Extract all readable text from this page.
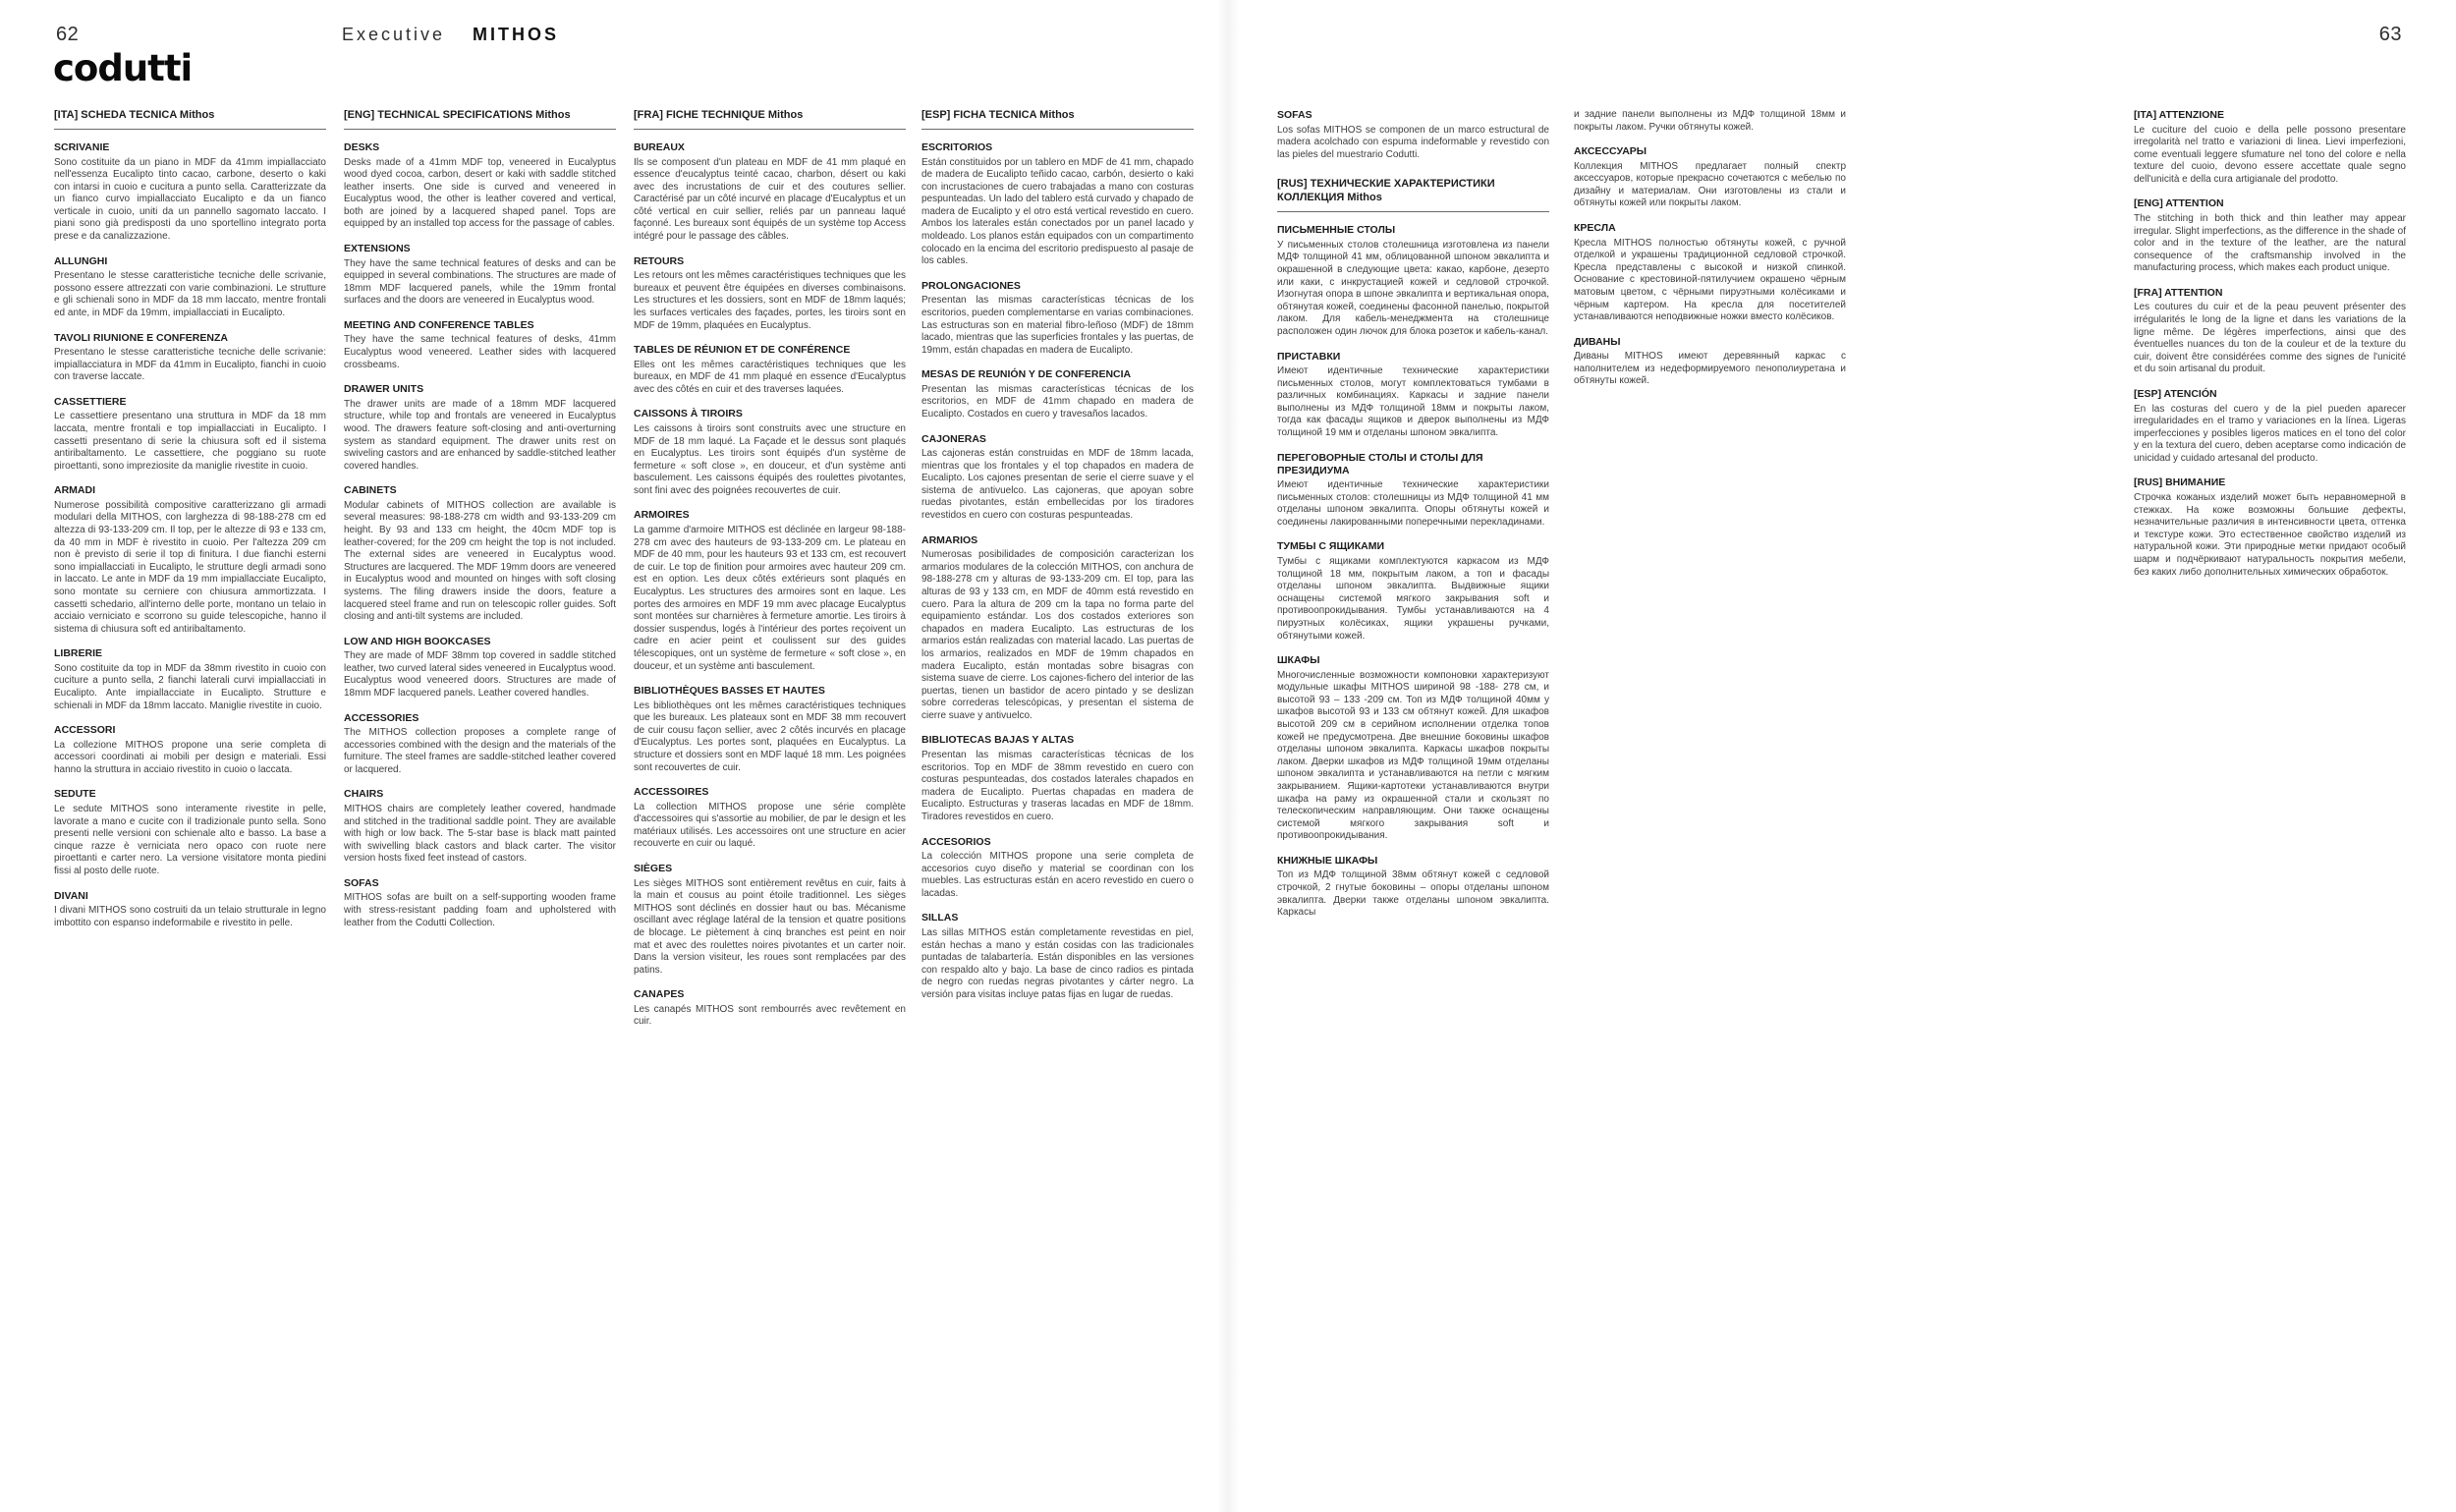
62	Executive MITHOS	63
codutti
[ITA] SCHEDA TECNICA Mithos
SCRIVANIE

Sono costituite da un piano in MDF da 41mm impiallacciato nell'essenza Eucalipto tinto cacao, carbone, deserto o kaki con intarsi in cuoio e cucitura a punto sella. Caratterizzate da un fianco curvo impiallacciato Eucalipto e da un fianco verticale in cuoio, uniti da un pannello sagomato laccato. I piani sono già predisposti da uno sportellino integrato porta prese e da canalizzazione.

ALLUNGHI

Presentano le stesse caratteristiche tecniche delle scrivanie, possono essere attrezzati con varie combinazioni. Le strutture e gli schienali sono in MDF da 18 mm laccato, mentre frontali ed ante, in MDF da 19mm, impiallacciati in Eucalipto.

TAVOLI RIUNIONE E CONFERENZA

Presentano le stesse caratteristiche tecniche delle scrivanie: impiallacciatura in MDF da 41mm in Eucalipto, fianchi in cuoio con traverse laccate.

CASSETTIERE

Le cassettiere presentano una struttura in MDF da 18 mm laccata, mentre frontali e top impiallacciati in Eucalipto. I cassetti presentano di serie la chiusura soft ed il sistema antiribaltamento. Le cassettiere, che poggiano su ruote piroettanti, sono impreziosite da maniglie rivestite in cuoio.

ARMADI

Numerose possibilità compositive caratterizzano gli armadi modulari della MITHOS, con larghezza di 98-188-278 cm ed altezza di 93-133-209 cm. Il top, per le altezze di 93 e 133 cm, da 40 mm in MDF è rivestito in cuoio. Per l'altezza 209 cm non è previsto di serie il top di finitura. I due fianchi esterni sono impiallacciati in Eucalipto, le strutture degli armadi sono in laccato. Le ante in MDF da 19 mm impiallacciate Eucalipto, sono montate su cerniere con chiusura ammortizzata. I cassetti schedario, all'interno delle porte, montano un telaio in acciaio verniciato e scorrono su guide telescopiche, hanno il sistema di chiusura soft ed antiribaltamento.

LIBRERIE

Sono costituite da top in MDF da 38mm rivestito in cuoio con cuciture a punto sella, 2 fianchi laterali curvi impiallacciati in Eucalipto. Ante impiallacciate in Eucalipto. Strutture e schienali in MDF da 18mm laccato. Maniglie rivestite in cuoio.

ACCESSORI

La collezione MITHOS propone una serie completa di accessori coordinati ai mobili per design e materiali. Essi hanno la struttura in acciaio rivestito in cuoio o laccata.

SEDUTE

Le sedute MITHOS sono interamente rivestite in pelle, lavorate a mano e cucite con il tradizionale punto sella. Sono presenti nelle versioni con schienale alto e basso. La base a cinque razze è verniciata nero opaco con ruote nere piroettanti e carter nero. La versione visitatore monta piedini fissi al posto delle ruote.

DIVANI

I divani MITHOS sono costruiti da un telaio strutturale in legno imbottito con espanso indeformabile e rivestito in pelle.

[ENG] TECHNICAL SPECIFICATIONS Mithos
DESKS

Desks made of a 41mm MDF top, veneered in Eucalyptus wood dyed cocoa, carbon, desert or kaki with saddle stitched leather inserts. One side is curved and veneered in Eucalyptus wood, the other is leather covered and vertical, both are joined by a lacquered shaped panel. Tops are equipped by an installed top access for the passage of cables.

EXTENSIONS

They have the same technical features of desks and can be equipped in several combinations. The structures are made of 18mm MDF lacquered panels, while the 19mm frontal surfaces and the doors are veneered in Eucalyptus wood.

MEETING AND CONFERENCE TABLES

They have the same technical features of desks, 41mm Eucalyptus wood veneered. Leather sides with lacquered crossbeams.

DRAWER UNITS

The drawer units are made of a 18mm MDF lacquered structure, while top and frontals are veneered in Eucalyptus wood. The drawers feature soft-closing and anti-overturning system as standard equipment. The drawer units rest on swiveling castors and are enhanced by saddle-stitched leather covered handles.

CABINETS

Modular cabinets of MITHOS collection are available is several measures: 98-188-278 cm width and 93-133-209 cm height. By 93 and 133 cm height, the 40cm MDF top is leather-covered; for the 209 cm height the top is not included. The external sides are veneered in Eucalyptus wood. Structures are lacquered. The MDF 19mm doors are veneered in Eucalyptus wood and mounted on hinges with soft closing systems. The filing drawers inside the doors, feature a lacquered steel frame and run on telescopic roller guides. Soft closing and anti-tilt systems are included.

LOW AND HIGH BOOKCASES

They are made of MDF 38mm top covered in saddle stitched leather, two curved lateral sides veneered in Eucalyptus wood. Eucalyptus wood veneered doors. Structures are made of 18mm MDF lacquered panels. Leather covered handles.

ACCESSORIES

The MITHOS collection proposes a complete range of accessories combined with the design and the materials of the furniture. The steel frames are saddle-stitched leather covered or lacquered.

CHAIRS

MITHOS chairs are completely leather covered, handmade and stitched in the traditional saddle point. They are available with high or low back. The 5-star base is black matt painted with swivelling black castors and black carter. The visitor version hosts fixed feet instead of castors.

SOFAS

MITHOS sofas are built on a self-supporting wooden frame with stress-resistant padding foam and upholstered with leather from the Codutti Collection.

[FRA] FICHE TECHNIQUE Mithos
BUREAUX

Ils se composent d'un plateau en MDF de 41 mm plaqué en essence d'eucalyptus teinté cacao, charbon, désert ou kaki avec des incrustations de cuir et des coutures sellier. Caractérisé par un côté incurvé en placage d'Eucalyptus et un côté vertical en cuir sellier, reliés par un panneau laqué façonné. Les bureaux sont équipés de un système top Access intégré pour le passage des câbles.

RETOURS

Les retours ont les mêmes caractéristiques techniques que les bureaux et peuvent être équipées en diverses combinaisons. Les structures et les dossiers, sont en MDF de 18mm laqués; les surfaces verticales des façades, portes, les tiroirs sont en MDF de 19mm, plaquées en Eucalyptus.

TABLES DE RÉUNION ET DE CONFÉRENCE

Elles ont les mêmes caractéristiques techniques que les bureaux, en MDF de 41 mm plaqué en essence d'Eucalyptus avec des côtés en cuir et des traverses laquées.

CAISSONS À TIROIRS

Les caissons à tiroirs sont construits avec une structure en MDF de 18 mm laqué. La Façade et le dessus sont plaqués en Eucalyptus. Les tiroirs sont équipés d'un système de fermeture « soft close », en douceur, et d'un système anti basculement. Les caissons équipés des roulettes pivotantes, sont fini avec des poignées recouvertes de cuir.

ARMOIRES

La gamme d'armoire MITHOS est déclinée en largeur 98-188-278 cm avec des hauteurs de 93-133-209 cm. Le plateau en MDF de 40 mm, pour les hauteurs 93 et 133 cm, est recouvert de cuir. Le top de finition pour armoires avec hauteur 209 cm. est en option. Les deux côtés extérieurs sont plaqués en Eucalyptus. Les structures des armoires sont en laque. Les portes des armoires en MDF 19 mm avec placage Eucalyptus sont montées sur charnières à fermeture amortie. Les tiroirs à dossier suspendus, logés à l'intérieur des portes reçoivent un cadre en acier peint et coulissent sur des guides télescopiques, ont un système de fermeture « soft close », en douceur, et un système anti basculement.

BIBLIOTHÈQUES BASSES ET HAUTES

Les bibliothèques ont les mêmes caractéristiques techniques que les bureaux. Les plateaux sont en MDF 38 mm recouvert de cuir cousu façon sellier, avec 2 côtés incurvés en placage d'Eucalyptus. Les portes sont, plaquées en Eucalyptus. La structure et dossiers sont en MDF laqué 18 mm. Les poignées sont recouvertes de cuir.

ACCESSOIRES

La collection MITHOS propose une série complète d'accessoires qui s'assortie au mobilier, de par le design et les matériaux utilisés. Les accessoires ont une structure en acier recouverte en cuir ou laqué.

SIÈGES

Les sièges MITHOS sont entièrement revêtus en cuir, faits à la main et cousus au point étoile traditionnel. Les sièges MITHOS sont déclinés en dossier haut ou bas. Mécanisme oscillant avec réglage latéral de la tension et quatre positions de blocage. Le piètement à cinq branches est peint en noir mat et avec des roulettes noires pivotantes et un carter noir. Dans la version visiteur, les roues sont remplacées par des patins.

CANAPES

Les canapés MITHOS sont rembourrés avec revêtement en cuir.

[ESP] FICHA TECNICA Mithos
ESCRITORIOS

Están constituidos por un tablero en MDF de 41 mm, chapado de madera de Eucalipto teñido cacao, carbón, desierto o kaki con incrustaciones de cuero trabajadas a mano con costuras pespunteadas. Un lado del tablero está curvado y chapado de madera de Eucalipto y el otro está vertical revestido en cuero. Ambos los laterales están conectados por un panel lacado y moldeado. Los planos están equipados con un compartimento colocado en la encima del escritorio predispuesto al pasaje de los cables.

PROLONGACIONES

Presentan las mismas características técnicas de los escritorios, pueden complementarse en varias combinaciones. Las estructuras son en material fibro-leñoso (MDF) de 18mm lacado, mientras que las superficies frontales y las puertas, de 19mm, están chapadas en madera de Eucalipto.

MESAS DE REUNIÓN Y DE CONFERENCIA

Presentan las mismas características técnicas de los escritorios, en MDF de 41mm chapado en madera de Eucalipto. Costados en cuero y travesaños lacados.

CAJONERAS

Las cajoneras están construidas en MDF de 18mm lacada, mientras que los frontales y el top chapados en madera de Eucalipto. Los cajones presentan de serie el cierre suave y el sistema de antivuelco. Las cajoneras, que apoyan sobre ruedas pivotantes, están embellecidas por los tiradores revestidos en cuero con costuras pespunteadas.

ARMARIOS

Numerosas posibilidades de composición caracterizan los armarios modulares de la colección MITHOS, con anchura de 98-188-278 cm y alturas de 93-133-209 cm. El top, para las alturas de 93 y 133 cm, en MDF de 40mm está revestido en cuero. Para la altura de 209 cm la tapa no forma parte del equipamiento estándar. Los dos costados exteriores son chapados en madera Eucalipto. Las estructuras de los armarios están realizadas con material lacado. Las puertas de los armarios, realizados en MDF de 19mm chapados en madera Eucalipto, están montadas sobre bisagras con sistema suave de cierre. Los cajones-fichero del interior de las puertas, tienen un bastidor de acero pintado y se deslizan sobre correderas telescópicas, y presentan el sistema de cierre suave y antivuelco.

BIBLIOTECAS BAJAS Y ALTAS

Presentan las mismas características técnicas de los escritorios. Top en MDF de 38mm revestido en cuero con costuras pespunteadas, dos costados laterales chapados en madera de Eucalipto. Puertas chapadas en madera de Eucalipto. Estructuras y traseras lacadas en MDF de 18mm. Tiradores revestidos en cuero.

ACCESORIOS

La colección MITHOS propone una serie completa de accesorios cuyo diseño y material se coordinan con los muebles. Las estructuras están en acero revestido en cuero o lacadas.

SILLAS

Las sillas MITHOS están completamente revestidas en piel, están hechas a mano y están cosidas con las tradicionales puntadas de talabartería. Están disponibles en las versiones con respaldo alto y bajo. La base de cinco radios es pintada de negro con ruedas negras pivotantes y cárter negro. La versión para visitas incluye patas fijas en lugar de ruedas.

SOFAS

Los sofas MITHOS se componen de un marco estructural de madera acolchado con espuma indeformable y revestido con las pieles del muestrario Codutti.

[RUS] ТЕХНИЧЕСКИЕ ХАРАКТЕРИСТИКИ КОЛЛЕКЦИЯ Mithos
ПИСЬМЕННЫЕ СТОЛЫ

У письменных столов столешница изготовлена из панели МДФ толщиной 41 мм, облицованной шпоном эвкалипта и окрашенной в следующие цвета: какао, карбоне, дезерто или каки, с инкрустацией кожей и седловой строчкой. Изогнутая опора в шпоне эвкалипта и вертикальная опора, обтянутая кожей, соединены фасонной панелью, покрытой лаком. Для кабель-менеджмента на столешнице расположен один лючок для блока розеток и кабель-канал.

ПРИСТАВКИ

Имеют идентичные технические характеристики письменных столов, могут комплектоваться тумбами в различных комбинациях. Каркасы и задние панели выполнены из МДФ толщиной 18мм и покрыты лаком, тогда как фасады ящиков и дверок выполнены из МДФ толщиной 19 мм и отделаны шпоном эвкалипта.

ПЕРЕГОВОРНЫЕ СТОЛЫ И СТОЛЫ ДЛЯ ПРЕЗИДИУМА

Имеют идентичные технические характеристики письменных столов: столешницы из МДФ толщиной 41 мм отделаны шпоном эвкалипта. Опоры обтянуты кожей и соединены лакированными поперечными перекладинами.

ТУМБЫ С ЯЩИКАМИ

Тумбы с ящиками комплектуются каркасом из МДФ толщиной 18 мм, покрытым лаком, а топ и фасады отделаны шпоном эвкалипта. Выдвижные ящики оснащены системой мягкого закрывания soft и противоопрокидывания. Тумбы устанавливаются на 4 пируэтных колёсиках, ящики украшены ручками, обтянутыми кожей.

ШКАФЫ

Многочисленные возможности компоновки характеризуют модульные шкафы MITHOS шириной 98 -188- 278 см, и высотой 93 – 133 -209 см. Топ из МДФ толщиной 40мм у шкафов высотой 93 и 133 см обтянут кожей. Для шкафов высотой 209 см в серийном исполнении отделка топов кожей не предусмотрена. Две внешние боковины шкафов отделаны шпоном эвкалипта. Каркасы шкафов покрыты лаком. Дверки шкафов из МДФ толщиной 19мм отделаны шпоном эвкалипта и устанавливаются на петли с мягким закрыванием. Ящики-картотеки устанавливаются внутри шкафа на раму из окрашенной стали и скользят по телескопическим направляющим. Они также оснащены системой мягкого закрывания soft и противоопрокидывания.

КНИЖНЫЕ ШКАФЫ

Топ из МДФ толщиной 38мм обтянут кожей с седловой строчкой, 2 гнутые боковины – опоры отделаны шпоном эвкалипта. Дверки также отделаны шпоном эвкалипта. Каркасы

и задние панели выполнены из МДФ толщиной 18мм и покрыты лаком. Ручки обтянуты кожей.

АКСЕССУАРЫ

Коллекция MITHOS предлагает полный спектр аксессуаров, которые прекрасно сочетаются с мебелью по дизайну и материалам. Они изготовлены из стали и обтянуты кожей или покрыты лаком.

КРЕСЛА

Кресла MITHOS полностью обтянуты кожей, с ручной отделкой и украшены традиционной седловой строчкой. Кресла представлены с высокой и низкой спинкой. Основание с крестовиной-пятилучием окрашено чёрным матовым цветом, с чёрными пируэтными колёсиками и чёрным картером. На кресла для посетителей устанавливаются неподвижные ножки вместо колёсиков.

ДИВАНЫ

Диваны MITHOS имеют деревянный каркас с наполнителем из недеформируемого пенополиуретана и обтянуты кожей.

[ITA] ATTENZIONE

Le cuciture del cuoio e della pelle possono presentare irregolarità nel tratto e variazioni di linea. Lievi imperfezioni, come eventuali leggere sfumature nel tono del colore e nella texture del cuoio, devono essere accettate quale segno dell'unicità e della cura artigianale del prodotto.

[ENG] ATTENTION

The stitching in both thick and thin leather may appear irregular. Slight imperfections, as the difference in the shade of color and in the texture of the leather, are the natural consequence of the craftsmanship involved in the manufacturing process, which makes each product unique.

[FRA] ATTENTION

Les coutures du cuir et de la peau peuvent présenter des irrégularités le long de la ligne et dans les variations de la ligne même. De légères imperfections, ainsi que des éventuelles nuances du ton de la couleur et de la texture du cuir, doivent être considérées comme des signes de l'unicité et du soin artisanal du produit.

[ESP] ATENCIÓN

En las costuras del cuero y de la piel pueden aparecer irregularidades en el tramo y variaciones en la línea. Ligeras imperfecciones y posibles ligeros matices en el tono del color y en la textura del cuero, deben aceptarse como indicación de unicidad y cuidado artesanal del producto.

[RUS] ВНИМАНИЕ

Строчка кожаных изделий может быть неравномерной в стежках. На коже возможны большие дефекты, незначительные различия в интенсивности цвета, оттенка и текстуре кожи. Это естественное свойство изделий из натуральной кожи. Эти природные метки придают особый шарм и подчёркивают натуральность покрытия мебели, без каких либо дополнительных химических обработок.
